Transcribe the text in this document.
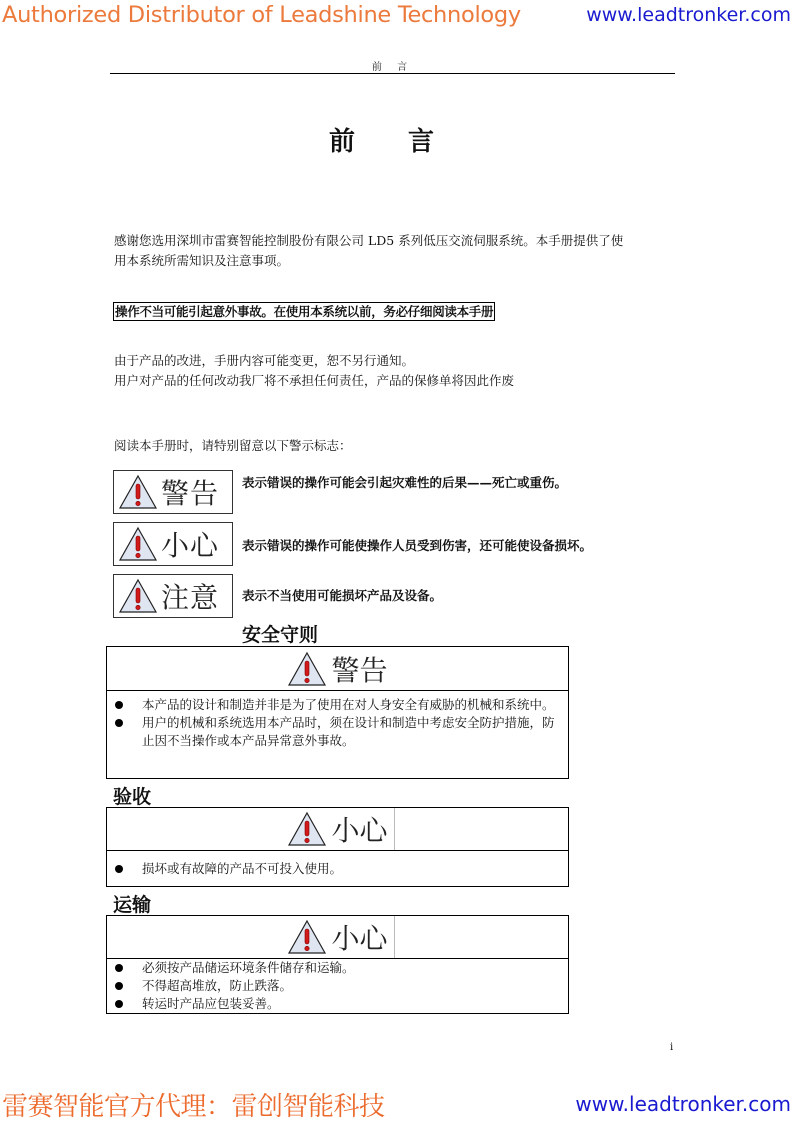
Authorized Distributor of Leadshine Technology	www.leadtronker.com
前 言
前 言
感谢您选用深圳市雷赛智能控制股份有限公司 LD5 系列低压交流伺服系统。本手册提供了使
用本系统所需知识及注意事项。
操作不当可能引起意外事故。在使用本系统以前，务必仔细阅读本手册
由于产品的改进，手册内容可能变更，恕不另行通知。
用户对产品的任何改动我厂将不承担任何责任，产品的保修单将因此作废
阅读本手册时，请特别留意以下警示标志：
警告 表示错误的操作可能会引起灾难性的后果——死亡或重伤。
小心 表示错误的操作可能使操作人员受到伤害，还可能使设备损坏。
注意 表示不当使用可能损坏产品及设备。
安全守则
警告
本产品的设计和制造并非是为了使用在对人身安全有威胁的机械和系统中。
用户的机械和系统选用本产品时，须在设计和制造中考虑安全防护措施，防止因不当操作或本产品异常意外事故。
验收
小心
损坏或有故障的产品不可投入使用。
运输
小心
必须按产品储运环境条件储存和运输。
不得超高堆放，防止跌落。
转运时产品应包装妥善。
i
雷赛智能官方代理：雷创智能科技	www.leadtronker.com
